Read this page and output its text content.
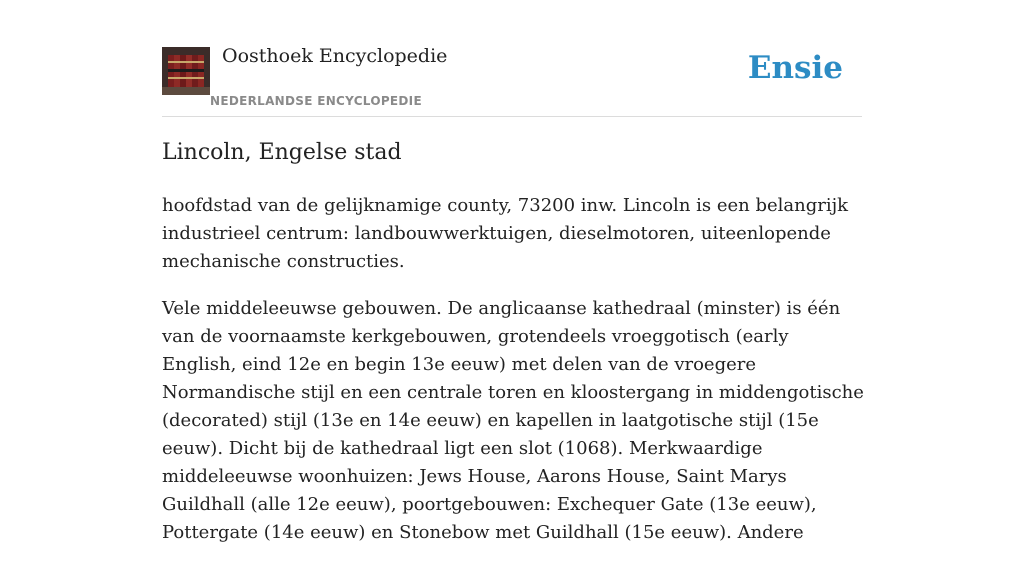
Oosthoek Encyclopedie
NEDERLANDSE ENCYCLOPEDIE
Ensie
Lincoln, Engelse stad

hoofdstad van de gelijknamige county, 73200 inw. Lincoln is een belangrijk industrieel centrum: landbouwwerktuigen, dieselmotoren, uiteenlopende mechanische constructies.

Vele middeleeuwse gebouwen. De anglicaanse kathedraal (minster) is één van de voornaamste kerkgebouwen, grotendeels vroeggotisch (early English, eind 12e en begin 13e eeuw) met delen van de vroegere Normandische stijl en een centrale toren en kloostergang in middengotische (decorated) stijl (13e en 14e eeuw) en kapellen in laatgotische stijl (15e eeuw). Dicht bij de kathedraal ligt een slot (1068). Merkwaardige middeleeuwse woonhuizen: Jews House, Aarons House, Saint Marys Guildhall (alle 12e eeuw), poortgebouwen: Exchequer Gate (13e eeuw), Pottergate (14e eeuw) en Stonebow met Guildhall (15e eeuw). Andere
